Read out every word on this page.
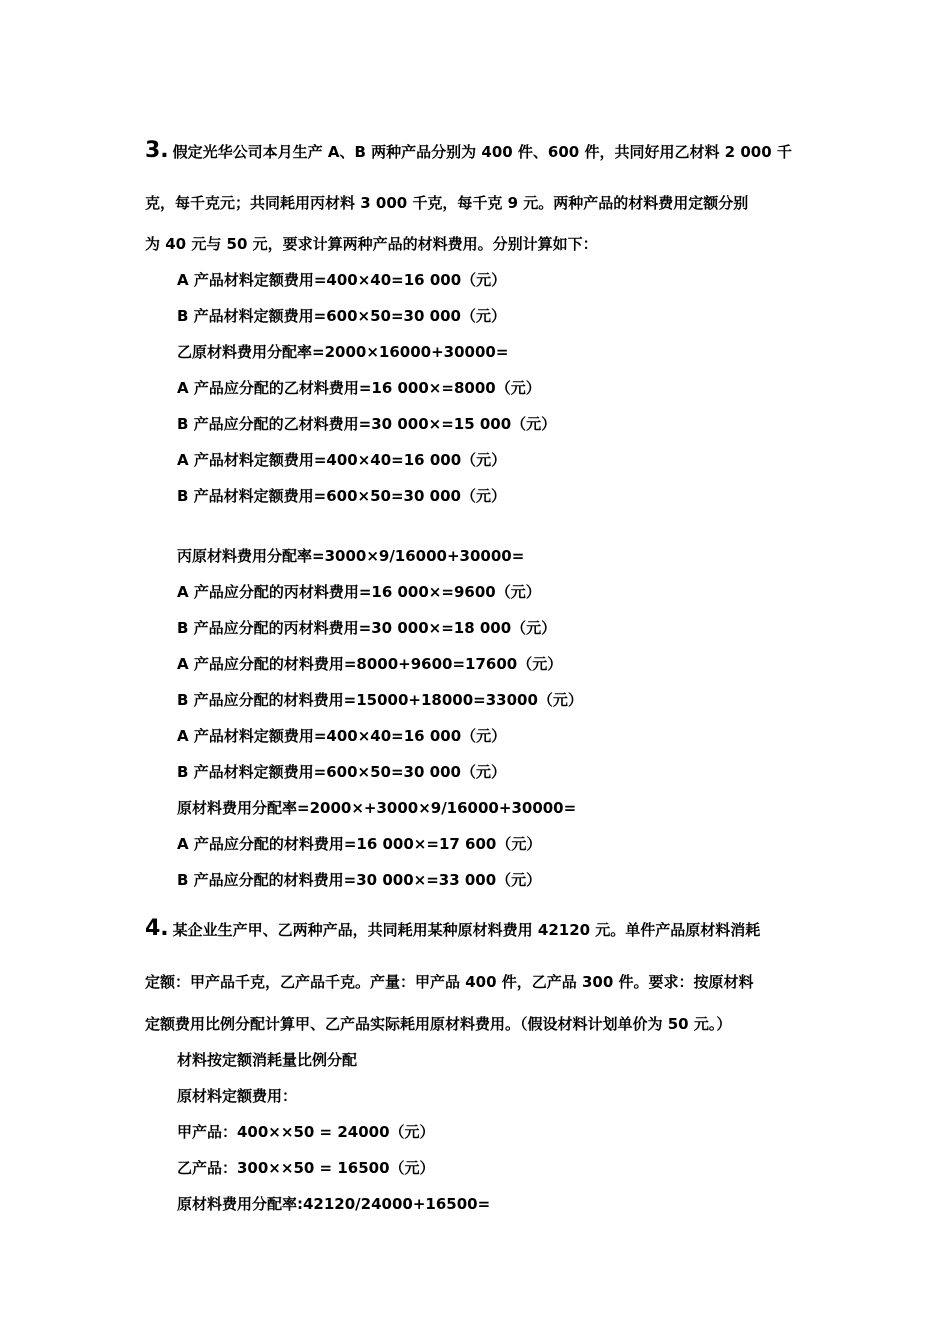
3. 假定光华公司本月生产 A、B 两种产品分别为 400 件、600 件，共同好用乙材料 2 000 千
克，每千克元；共同耗用丙材料 3 000 千克，每千克 9 元。两种产品的材料费用定额分别
为 40 元与 50 元，要求计算两种产品的材料费用。分别计算如下：
A 产品材料定额费用=400×40=16 000（元）
B 产品材料定额费用=600×50=30 000（元）
乙原材料费用分配率=2000×16000+30000=
A 产品应分配的乙材料费用=16 000×=8000（元）
B 产品应分配的乙材料费用=30 000×=15 000（元）
A 产品材料定额费用=400×40=16 000（元）
B 产品材料定额费用=600×50=30 000（元）
丙原材料费用分配率=3000×9/16000+30000=
A 产品应分配的丙材料费用=16 000×=9600（元）
B 产品应分配的丙材料费用=30 000×=18 000（元）
A 产品应分配的材料费用=8000+9600=17600（元）
B 产品应分配的材料费用=15000+18000=33000（元）
A 产品材料定额费用=400×40=16 000（元）
B 产品材料定额费用=600×50=30 000（元）
原材料费用分配率=2000×+3000×9/16000+30000=
A 产品应分配的材料费用=16 000×=17 600（元）
B 产品应分配的材料费用=30 000×=33 000（元）
4. 某企业生产甲、乙两种产品，共同耗用某种原材料费用 42120 元。单件产品原材料消耗
定额：甲产品千克，乙产品千克。产量：甲产品 400 件，乙产品 300 件。要求：按原材料
定额费用比例分配计算甲、乙产品实际耗用原材料费用。（假设材料计划单价为 50 元。）
材料按定额消耗量比例分配
原材料定额费用：
甲产品：400××50 = 24000（元）
乙产品：300××50 = 16500（元）
原材料费用分配率:42120/24000+16500=
